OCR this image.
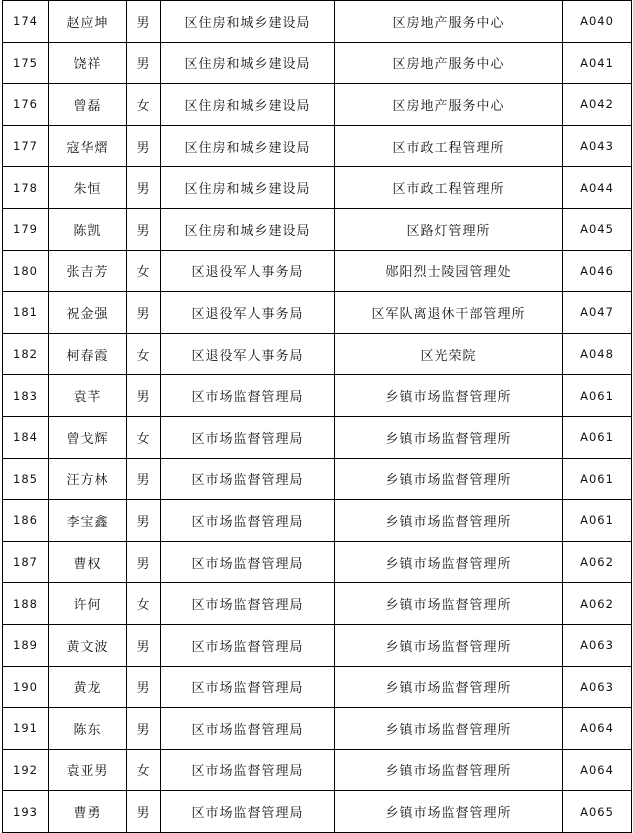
174	赵应坤	男	区住房和城乡建设局	区房地产服务中心	A040
175	饶祥	男	区住房和城乡建设局	区房地产服务中心	A041
176	曾磊	女	区住房和城乡建设局	区房地产服务中心	A042
177	寇华熠	男	区住房和城乡建设局	区市政工程管理所	A043
178	朱恒	男	区住房和城乡建设局	区市政工程管理所	A044
179	陈凯	男	区住房和城乡建设局	区路灯管理所	A045
180	张吉芳	女	区退役军人事务局	郧阳烈士陵园管理处	A046
181	祝金强	男	区退役军人事务局	区军队离退休干部管理所	A047
182	柯春霞	女	区退役军人事务局	区光荣院	A048
183	袁芊	男	区市场监督管理局	乡镇市场监督管理所	A061
184	曾戈辉	女	区市场监督管理局	乡镇市场监督管理所	A061
185	汪方林	男	区市场监督管理局	乡镇市场监督管理所	A061
186	李宝鑫	男	区市场监督管理局	乡镇市场监督管理所	A061
187	曹权	男	区市场监督管理局	乡镇市场监督管理所	A062
188	许何	女	区市场监督管理局	乡镇市场监督管理所	A062
189	黄文波	男	区市场监督管理局	乡镇市场监督管理所	A063
190	黄龙	男	区市场监督管理局	乡镇市场监督管理所	A063
191	陈东	男	区市场监督管理局	乡镇市场监督管理所	A064
192	袁亚男	女	区市场监督管理局	乡镇市场监督管理所	A064
193	曹勇	男	区市场监督管理局	乡镇市场监督管理所	A065
